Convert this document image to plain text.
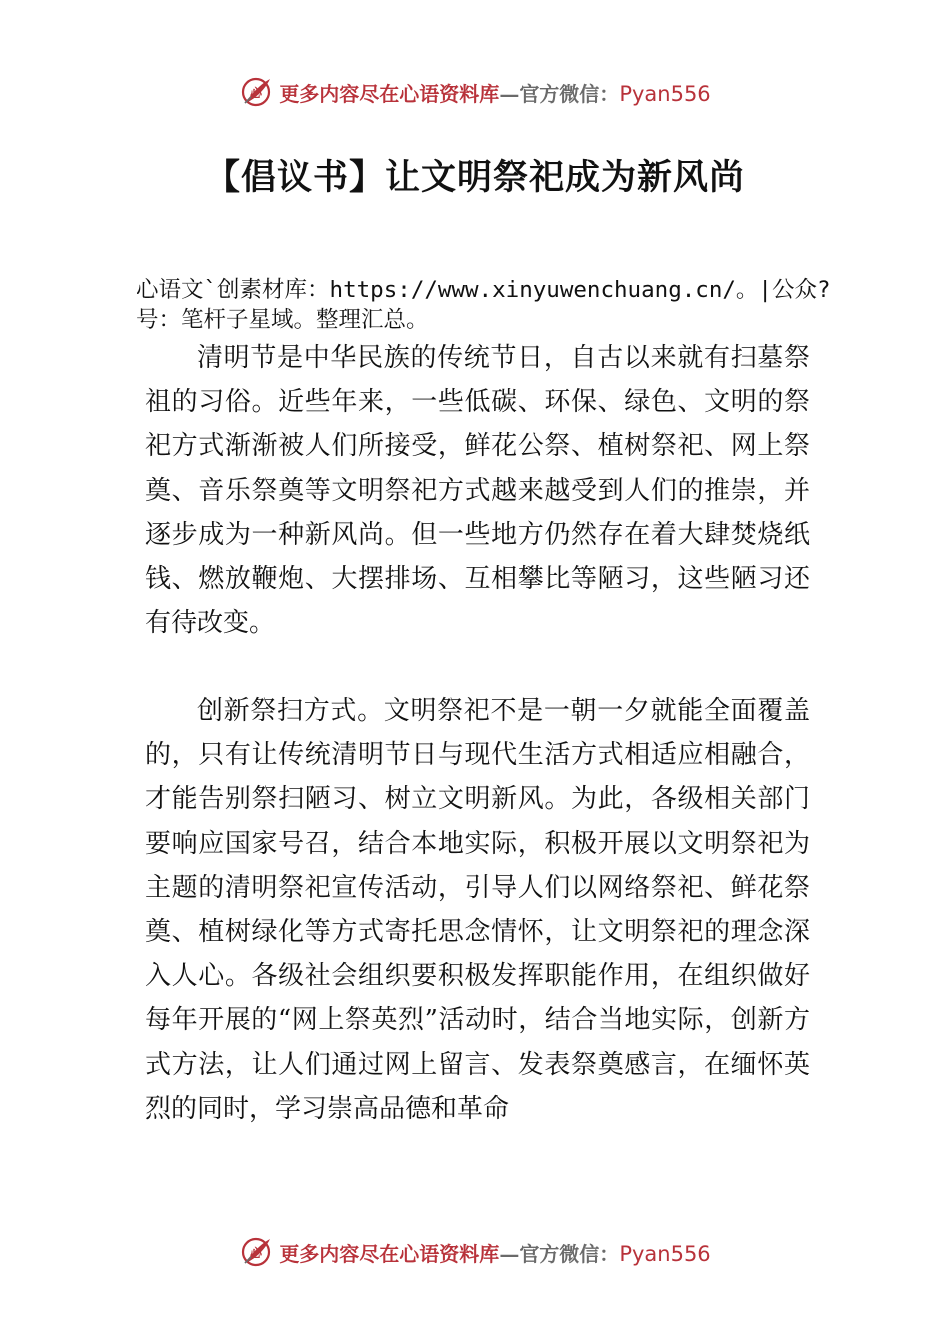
心 更多内容尽在心语资料库—官方微信：Pyan556
【倡议书】让文明祭祀成为新风尚
心语文`创素材库：https://www.xinyuwenchuang.cn/。|公众?号：笔杆子星域。整理汇总。

清明节是中华民族的传统节日，自古以来就有扫墓祭祖的习俗。近些年来，一些低碳、环保、绿色、文明的祭祀方式渐渐被人们所接受，鲜花公祭、植树祭祀、网上祭奠、音乐祭奠等文明祭祀方式越来越受到人们的推崇，并逐步成为一种新风尚。但一些地方仍然存在着大肆焚烧纸钱、燃放鞭炮、大摆排场、互相攀比等陋习，这些陋习还有待改变。

创新祭扫方式。文明祭祀不是一朝一夕就能全面覆盖的，只有让传统清明节日与现代生活方式相适应相融合，才能告别祭扫陋习、树立文明新风。为此，各级相关部门要响应国家号召，结合本地实际，积极开展以文明祭祀为主题的清明祭祀宣传活动，引导人们以网络祭祀、鲜花祭奠、植树绿化等方式寄托思念情怀，让文明祭祀的理念深入人心。各级社会组织要积极发挥职能作用，在组织做好每年开展的“网上祭英烈”活动时，结合当地实际，创新方式方法，让人们通过网上留言、发表祭奠感言，在缅怀英烈的同时，学习崇高品德和革命

心 更多内容尽在心语资料库—官方微信：Pyan556
